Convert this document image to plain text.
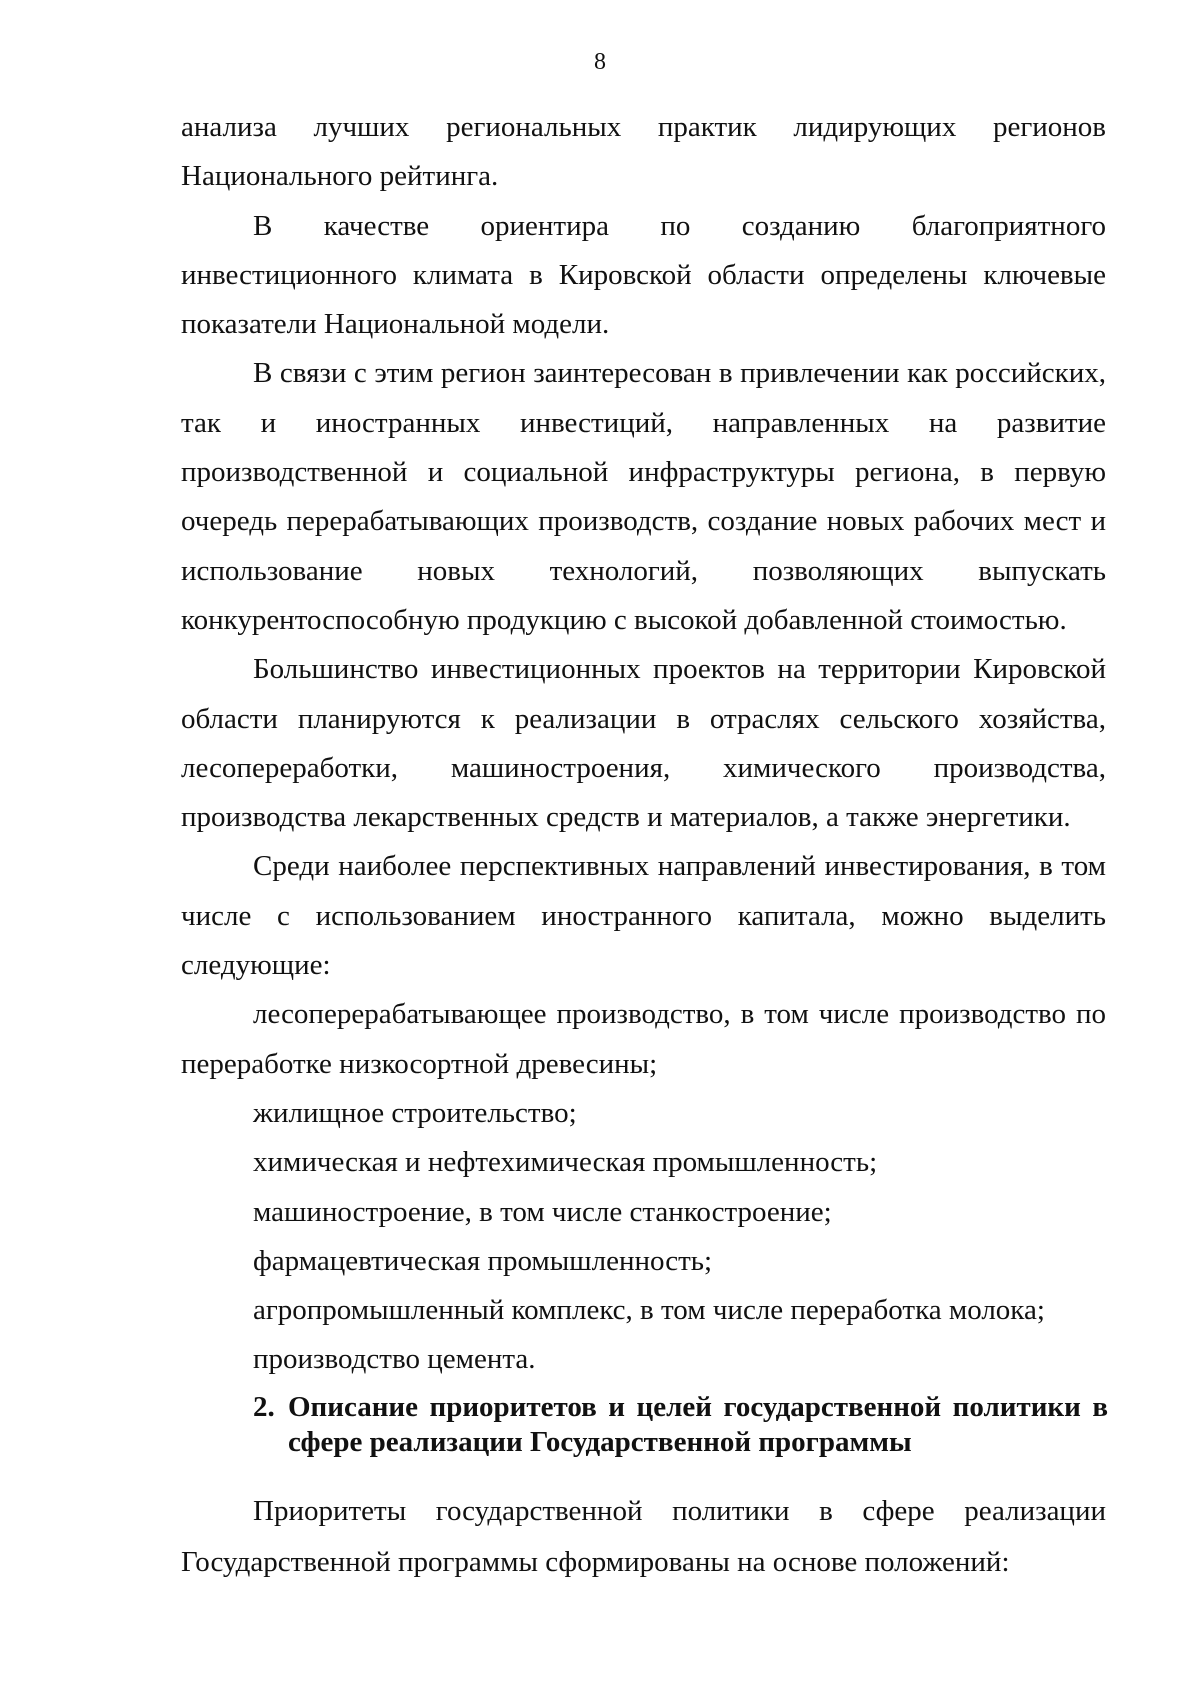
8

анализа лучших региональных практик лидирующих регионов Национального рейтинга.

В качестве ориентира по созданию благоприятного инвестиционного климата в Кировской области определены ключевые показатели Национальной модели.

В связи с этим регион заинтересован в привлечении как российских, так и иностранных инвестиций, направленных на развитие производственной и социальной инфраструктуры региона, в первую очередь перерабатывающих производств, создание новых рабочих мест и использование новых технологий, позволяющих выпускать конкурентоспособную продукцию с высокой добавленной стоимостью.

Большинство инвестиционных проектов на территории Кировской области планируются к реализации в отраслях сельского хозяйства, лесопереработки, машиностроения, химического производства, производства лекарственных средств и материалов, а также энергетики.

Среди наиболее перспективных направлений инвестирования, в том числе с использованием иностранного капитала, можно выделить следующие:

лесоперерабатывающее производство, в том числе производство по переработке низкосортной древесины;

жилищное строительство;

химическая и нефтехимическая промышленность;

машиностроение, в том числе станкостроение;

фармацевтическая промышленность;

агропромышленный комплекс, в том числе переработка молока;

производство цемента.

2. Описание приоритетов и целей государственной политики в сфере реализации Государственной программы

Приоритеты государственной политики в сфере реализации Государственной программы сформированы на основе положений:
